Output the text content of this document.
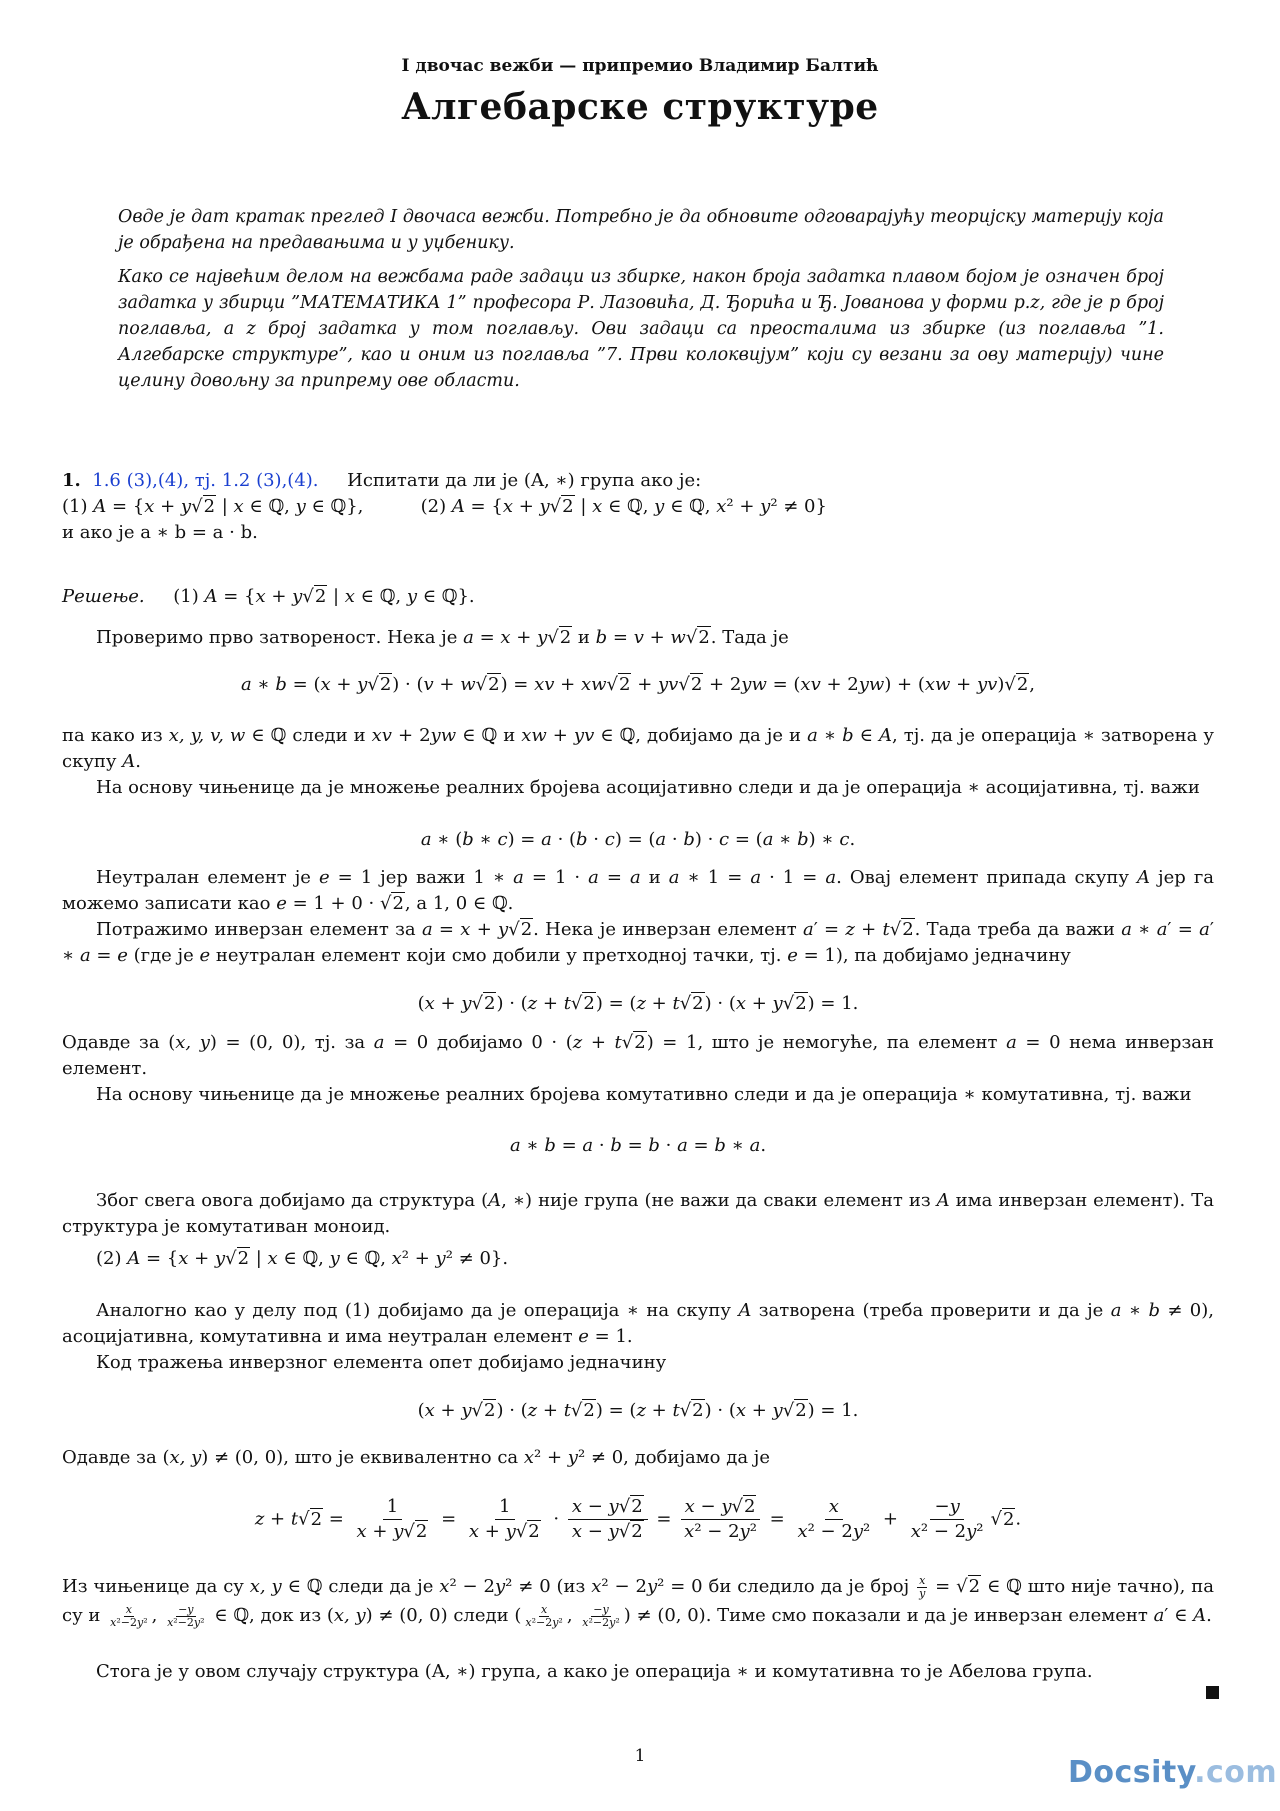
I двочас вежби — припремио Владимир Балтић
Алгебарске структуре

Овде је дат кратак преглед I двочаса вежби. Потребно је да обновите одговарајућу теоријску материју која је обрађена на предавањима и у уџбенику.

Како се највећим делом на вежбама раде задаци из збирке, након броја задатка плавом бојом је означен број задатка у збирци ”МАТЕМАТИКА 1” професора Р. Лазовића, Д. Ђорића и Ђ. Јованова у форми p.z, где је p број поглавља, а z број задатка у том поглављу. Ови задаци са преосталима из збирке (из поглавља ”1. Алгебарске структуре”, као и оним из поглавља ”7. Први колоквијум” који су везани за ову материју) чине целину довољну за припрему ове области.

1. 1.6 (3),(4), тј. 1.2 (3),(4). Испитати да ли је (A, ∗) група ако је:
(1) A = {x + y√2 | x ∈ ℚ, y ∈ ℚ},	(2) A = {x + y√2 | x ∈ ℚ, y ∈ ℚ, x² + y² ≠ 0}
и ако је a ∗ b = a · b.
Решење. (1) A = {x + y√2 | x ∈ ℚ, y ∈ ℚ}.
Проверимо прво затвореност. Нека је a = x + y√2 и b = v + w√2. Тада је
a ∗ b = (x + y√2) · (v + w√2) = xv + xw√2 + yv√2 + 2yw = (xv + 2yw) + (xw + yv)√2,
па како из x, y, v, w ∈ ℚ следи и xv + 2yw ∈ ℚ и xw + yv ∈ ℚ, добијамо да је и a ∗ b ∈ A, тј. да је операција ∗ затворена у скупу A.
На основу чињенице да је множење реалних бројева асоцијативно следи и да је операција ∗ асоцијативна, тј. важи
a ∗ (b ∗ c) = a · (b · c) = (a · b) · c = (a ∗ b) ∗ c.
Неутралан елемент је e = 1 јер важи 1 ∗ a = 1 · a = a и a ∗ 1 = a · 1 = a. Овај елемент припада скупу A јер га можемо записати као e = 1 + 0 · √2, а 1, 0 ∈ ℚ.
Потражимо инверзан елемент за a = x + y√2. Нека је инверзан елемент a′ = z + t√2. Тада треба да важи a ∗ a′ = a′ ∗ a = e (где је e неутралан елемент који смо добили у претходној тачки, тј. e = 1), па добијамо једначину
(x + y√2) · (z + t√2) = (z + t√2) · (x + y√2) = 1.
Одавде за (x, y) = (0, 0), тј. за a = 0 добијамо 0 · (z + t√2) = 1, што је немогуће, па елемент a = 0 нема инверзан елемент.
На основу чињенице да је множење реалних бројева комутативно следи и да је операција ∗ комутативна, тј. важи
a ∗ b = a · b = b · a = b ∗ a.
Због свега овога добијамо да структура (A, ∗) није група (не важи да сваки елемент из A има инверзан елемент). Та структура је комутативан моноид.
(2) A = {x + y√2 | x ∈ ℚ, y ∈ ℚ, x² + y² ≠ 0}.
Аналогно као у делу под (1) добијамо да је операција ∗ на скупу A затворена (треба проверити и да је a ∗ b ≠ 0), асоцијативна, комутативна и има неутралан елемент e = 1.
Код тражења инверзног елемента опет добијамо једначину
(x + y√2) · (z + t√2) = (z + t√2) · (x + y√2) = 1.
Одавде за (x, y) ≠ (0, 0), што је еквивалентно са x² + y² ≠ 0, добијамо да је
$z + t√2 = \frac{1}{x + y√2} = \frac{1}{x + y√2} \cdot \frac{x - y√2}{x - y√2} = \frac{x - y√2}{\text{x² − 2y²}} = \frac{x}{\text{x² − 2y²}} + \frac{-y}{\text{x² − 2y²}} √2$.
Из чињенице да су x, y ∈ ℚ следи да је x² − 2y² ≠ 0 (из x² − 2y² = 0 би следило да је број $\frac{x}{y} = √2$ ∈ ℚ што није тачно), па су и $\frac{x}{\text{x²−2y²}}$ , $\frac{-y}{\text{x²−2y²}}$ ∈ ℚ, док из (x, y) ≠ (0, 0) следи ( $\frac{x}{\text{x²−2y²}}$ , $\frac{-y}{\text{x²−2y²}}$ ) ≠ (0, 0). Тиме смо показали и да је инверзан елемент a′ ∈ A.
Стога је у овом случају структура (A, ∗) група, а како је операција ∗ и комутативна то је Абелова група.
1	Docsity.com
